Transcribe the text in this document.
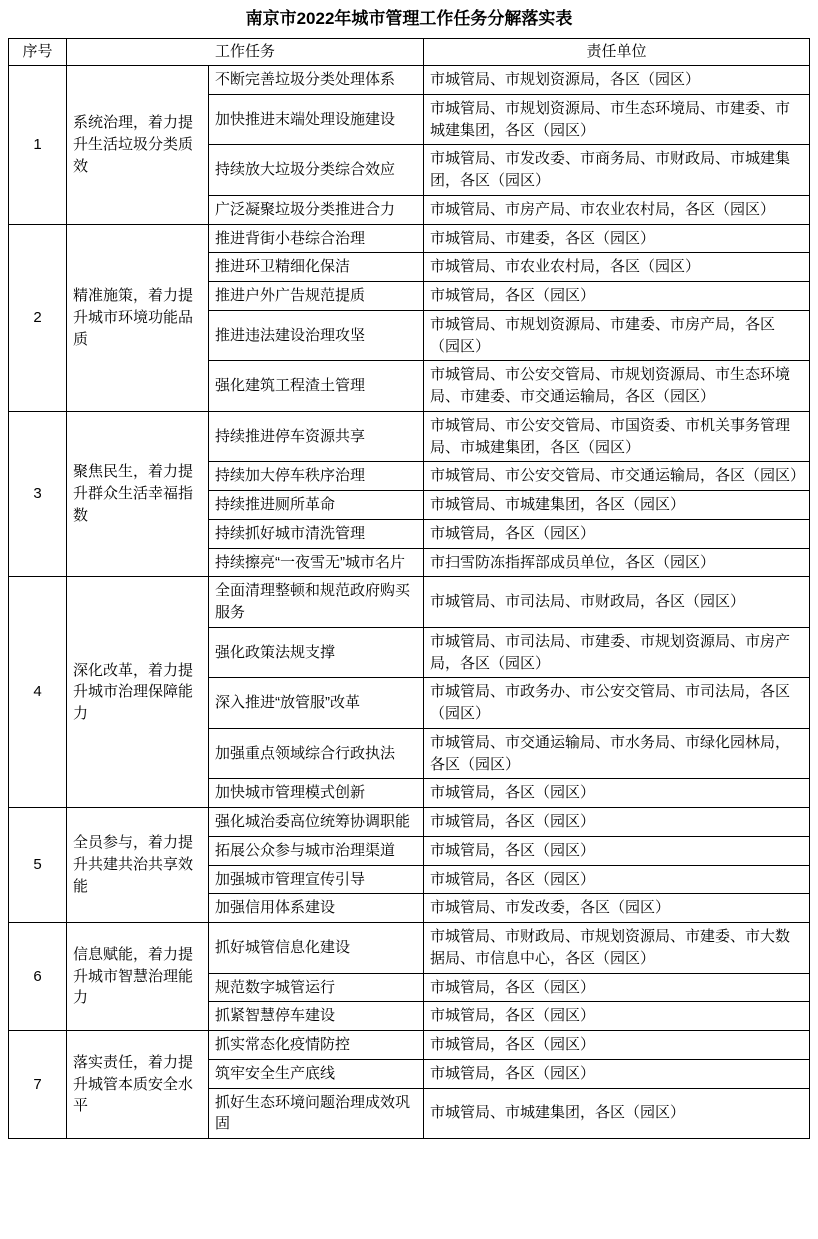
南京市2022年城市管理工作任务分解落实表
序号	工作任务		责任单位
1	系统治理，着力提升生活垃圾分类质效	不断完善垃圾分类处理体系	市城管局、市规划资源局，各区（园区）
		加快推进末端处理设施建设	市城管局、市规划资源局、市生态环境局、市建委、市城建集团，各区（园区）
		持续放大垃圾分类综合效应	市城管局、市发改委、市商务局、市财政局、市城建集团，各区（园区）
		广泛凝聚垃圾分类推进合力	市城管局、市房产局、市农业农村局，各区（园区）
2	精准施策，着力提升城市环境功能品质	推进背街小巷综合治理	市城管局、市建委，各区（园区）
		推进环卫精细化保洁	市城管局、市农业农村局，各区（园区）
		推进户外广告规范提质	市城管局，各区（园区）
		推进违法建设治理攻坚	市城管局、市规划资源局、市建委、市房产局，各区（园区）
		强化建筑工程渣土管理	市城管局、市公安交管局、市规划资源局、市生态环境局、市建委、市交通运输局，各区（园区）
3	聚焦民生，着力提升群众生活幸福指数	持续推进停车资源共享	市城管局、市公安交管局、市国资委、市机关事务管理局、市城建集团，各区（园区）
		持续加大停车秩序治理	市城管局、市公安交管局、市交通运输局，各区（园区）
		持续推进厕所革命	市城管局、市城建集团，各区（园区）
		持续抓好城市清洗管理	市城管局，各区（园区）
		持续擦亮“一夜雪无”城市名片	市扫雪防冻指挥部成员单位，各区（园区）
4	深化改革，着力提升城市治理保障能力	全面清理整顿和规范政府购买服务	市城管局、市司法局、市财政局，各区（园区）
		强化政策法规支撑	市城管局、市司法局、市建委、市规划资源局、市房产局，各区（园区）
		深入推进“放管服”改革	市城管局、市政务办、市公安交管局、市司法局，各区（园区）
		加强重点领域综合行政执法	市城管局、市交通运输局、市水务局、市绿化园林局，各区（园区）
		加快城市管理模式创新	市城管局，各区（园区）
5	全员参与，着力提升共建共治共享效能	强化城治委高位统筹协调职能	市城管局，各区（园区）
		拓展公众参与城市治理渠道	市城管局，各区（园区）
		加强城市管理宣传引导	市城管局，各区（园区）
		加强信用体系建设	市城管局、市发改委，各区（园区）
6	信息赋能，着力提升城市智慧治理能力	抓好城管信息化建设	市城管局、市财政局、市规划资源局、市建委、市大数据局、市信息中心，各区（园区）
		规范数字城管运行	市城管局，各区（园区）
		抓紧智慧停车建设	市城管局，各区（园区）
7	落实责任，着力提升城管本质安全水平	抓实常态化疫情防控	市城管局，各区（园区）
		筑牢安全生产底线	市城管局，各区（园区）
		抓好生态环境问题治理成效巩固	市城管局、市城建集团，各区（园区）
